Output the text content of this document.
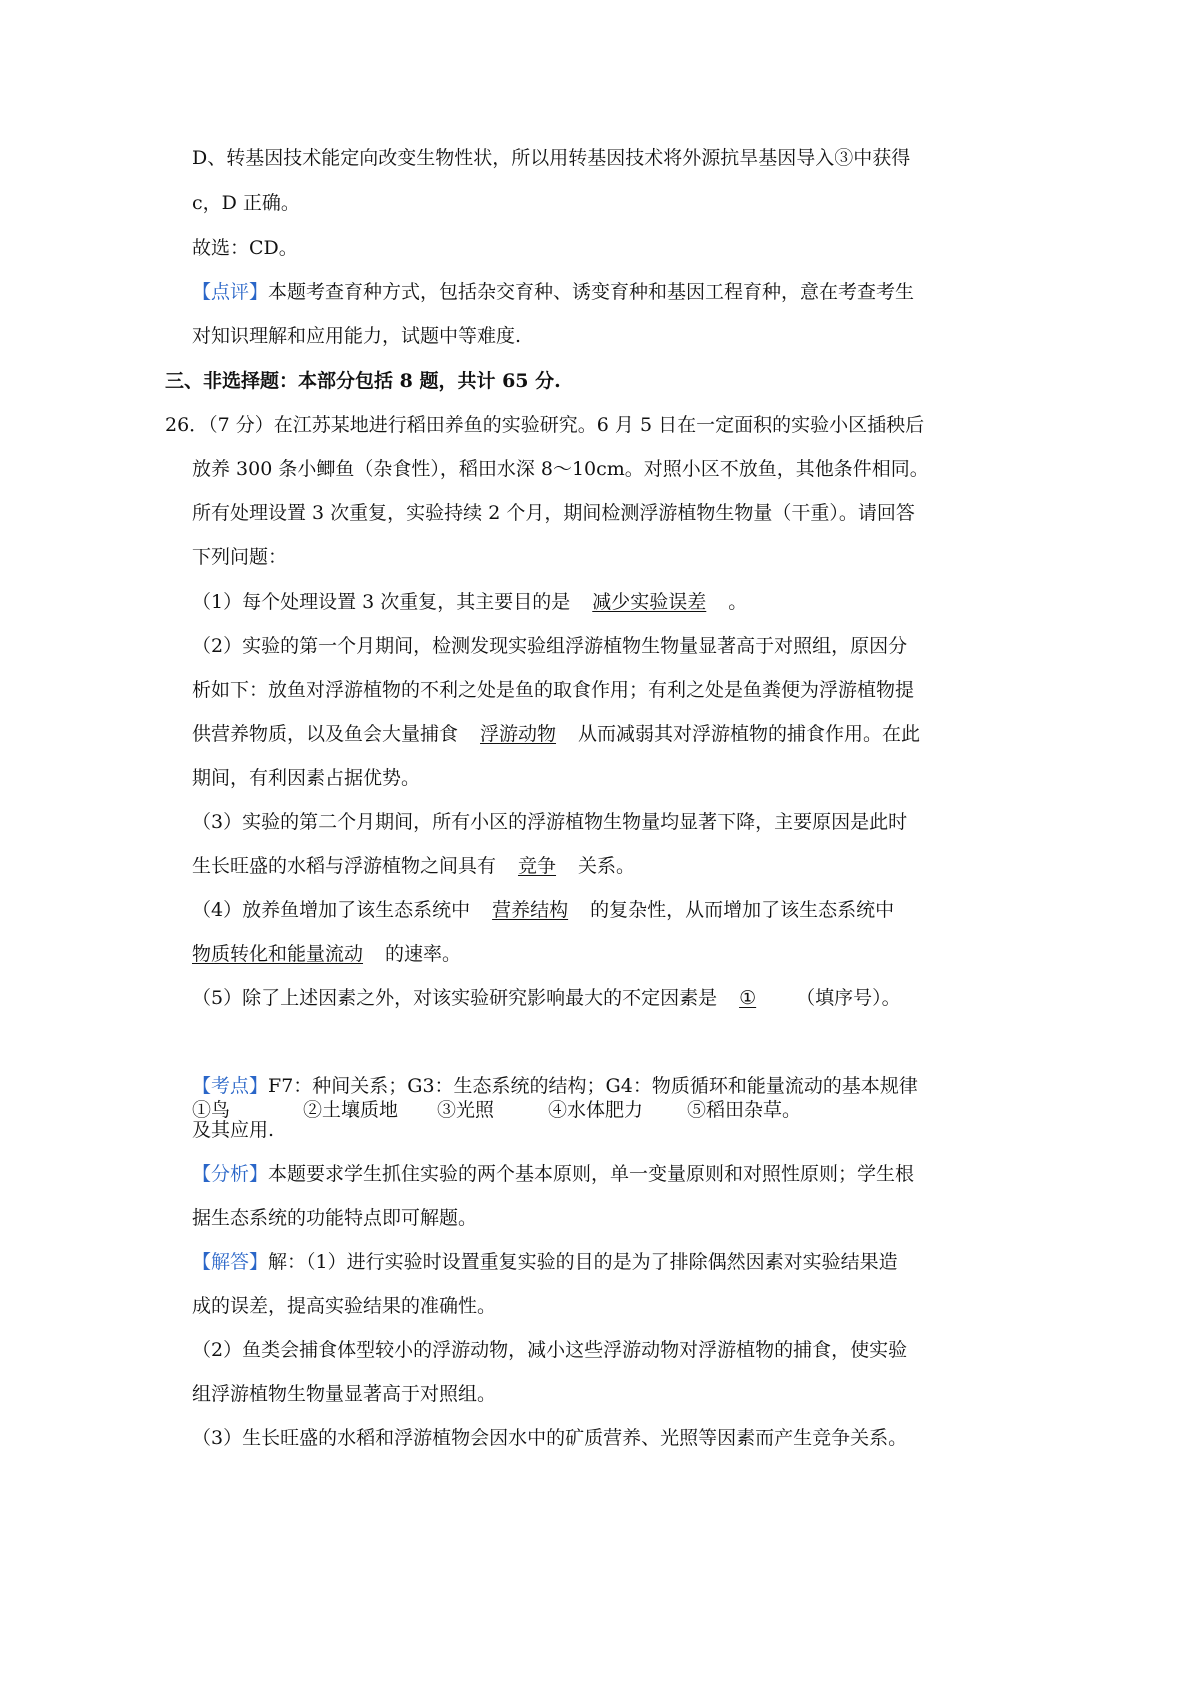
D、转基因技术能定向改变生物性状，所以用转基因技术将外源抗旱基因导入③中获得
c，D 正确。
故选：CD。
【点评】本题考查育种方式，包括杂交育种、诱变育种和基因工程育种，意在考查考生
对知识理解和应用能力，试题中等难度.
三、非选择题：本部分包括 8 题，共计 65 分.
26．（7 分）在江苏某地进行稻田养鱼的实验研究。6 月 5 日在一定面积的实验小区插秧后
放养 300 条小鲫鱼（杂食性），稻田水深 8～10cm。对照小区不放鱼，其他条件相同。
所有处理设置 3 次重复，实验持续 2 个月，期间检测浮游植物生物量（干重）。请回答
下列问题：
（1）每个处理设置 3 次重复，其主要目的是 减少实验误差 。
（2）实验的第一个月期间，检测发现实验组浮游植物生物量显著高于对照组，原因分
析如下：放鱼对浮游植物的不利之处是鱼的取食作用；有利之处是鱼粪便为浮游植物提
供营养物质，以及鱼会大量捕食 浮游动物 从而减弱其对浮游植物的捕食作用。在此
期间，有利因素占据优势。
（3）实验的第二个月期间，所有小区的浮游植物生物量均显著下降，主要原因是此时
生长旺盛的水稻与浮游植物之间具有 竞争 关系。
（4）放养鱼增加了该生态系统中 营养结构 的复杂性，从而增加了该生态系统中
物质转化和能量流动 的速率。
（5）除了上述因素之外，对该实验研究影响最大的不定因素是 ① （填序号）。
①鸟	②土壤质地 ③光照	④水体肥力 ⑤稻田杂草。
【考点】F7：种间关系；G3：生态系统的结构；G4：物质循环和能量流动的基本规律
及其应用.
【分析】本题要求学生抓住实验的两个基本原则，单一变量原则和对照性原则；学生根
据生态系统的功能特点即可解题。
【解答】解：（1）进行实验时设置重复实验的目的是为了排除偶然因素对实验结果造
成的误差，提高实验结果的准确性。
（2）鱼类会捕食体型较小的浮游动物，减小这些浮游动物对浮游植物的捕食，使实验
组浮游植物生物量显著高于对照组。
（3）生长旺盛的水稻和浮游植物会因水中的矿质营养、光照等因素而产生竞争关系。
